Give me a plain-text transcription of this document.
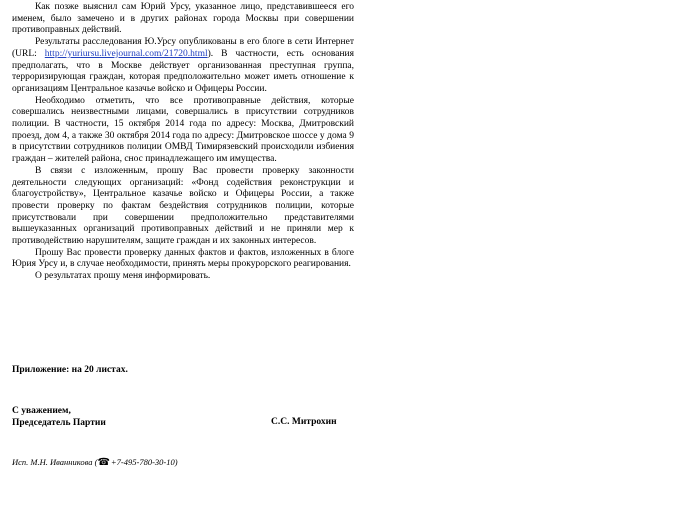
Как позже выяснил сам Юрий Урсу, указанное лицо, представившееся его именем, было замечено и в других районах города Москвы при совершении противоправных действий.

Результаты расследования Ю.Урсу опубликованы в его блоге в сети Интернет (URL: http://yuriursu.livejournal.com/21720.html). В частности, есть основания предполагать, что в Москве действует организованная преступная группа, терроризирующая граждан, которая предположительно может иметь отношение к организациям Центральное казачье войско и Офицеры России.

Необходимо отметить, что все противоправные действия, которые совершались неизвестными лицами, совершались в присутствии сотрудников полиции. В частности, 15 октября 2014 года по адресу: Москва, Дмитровский проезд, дом 4, а также 30 октября 2014 года по адресу: Дмитровское шоссе у дома 9 в присутствии сотрудников полиции ОМВД Тимирязевский происходили избиения граждан – жителей района, снос принадлежащего им имущества.

В связи с изложенным, прошу Вас провести проверку законности деятельности следующих организаций: «Фонд содействия реконструкции и благоустройству», Центральное казачье войско и Офицеры России, а также провести проверку по фактам бездействия сотрудников полиции, которые присутствовали при совершении предположительно представителями вышеуказанных организаций противоправных действий и не приняли мер к противодействию нарушителям, защите граждан и их законных интересов.

Прошу Вас провести проверку данных фактов и фактов, изложенных в блоге Юрия Урсу и, в случае необходимости, принять меры прокурорского реагирования.

О результатах прошу меня информировать.

Приложение: на 20 листах.
С уважением,
Председатель Партии	С.С. Митрохин
Исп. М.Н. Иванникова (☎+7-495-780-30-10)
